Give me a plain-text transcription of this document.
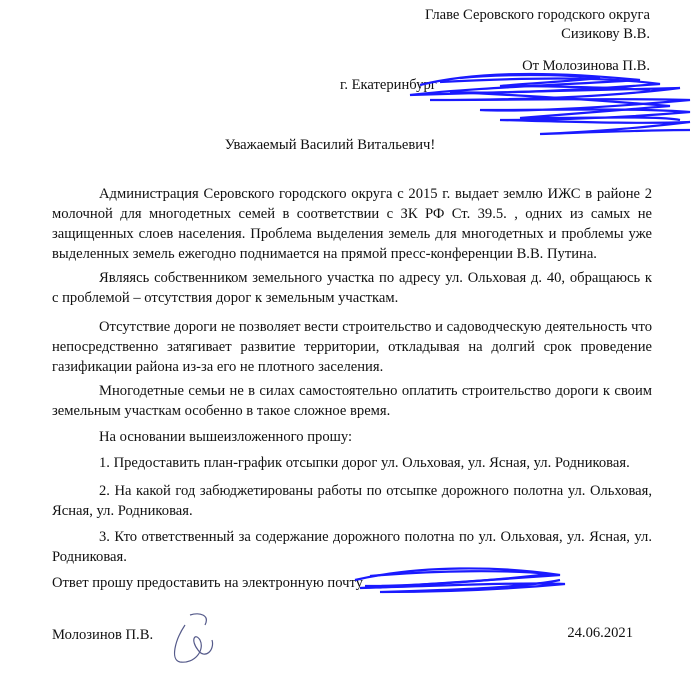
Главе Серовского городского округа
Сизикову В.В.
От Молозинова П.В.
г. Екатеринбург
Уважаемый Василий Витальевич!
Администрация Серовского городского округа с 2015 г. выдает землю ИЖС в районе 2
молочной для многодетных семей в соответствии с ЗК РФ Ст. 39.5. , одних из самых не
защищенных слоев населения. Проблема выделения земель для многодетных и проблемы уже
выделенных земель ежегодно поднимается на прямой пресс-конференции В.В. Путина.
Являясь собственником земельного участка по адресу ул. Ольховая д. 40, обращаюсь к
с проблемой – отсутствия дорог к земельным участкам.
Отсутствие дороги не позволяет вести строительство и садоводческую деятельность что
непосредственно затягивает развитие территории, откладывая на долгий срок проведение
газификации района из-за его не плотного заселения.
Многодетные семьи не в силах самостоятельно оплатить строительство дороги к своим
земельным участкам особенно в такое сложное время.
На основании вышеизложенного прошу:
1. Предоставить план-график отсыпки дорог ул. Ольховая, ул. Ясная, ул. Родниковая.
2. На какой год забюджетированы работы по отсыпке дорожного полотна ул. Ольховая,
Ясная, ул. Родниковая.
3. Кто ответственный за содержание дорожного полотна по ул. Ольховая, ул. Ясная, ул.
Родниковая.
Ответ прошу предоставить на электронную почту
Молозинов П.В.	24.06.2021
